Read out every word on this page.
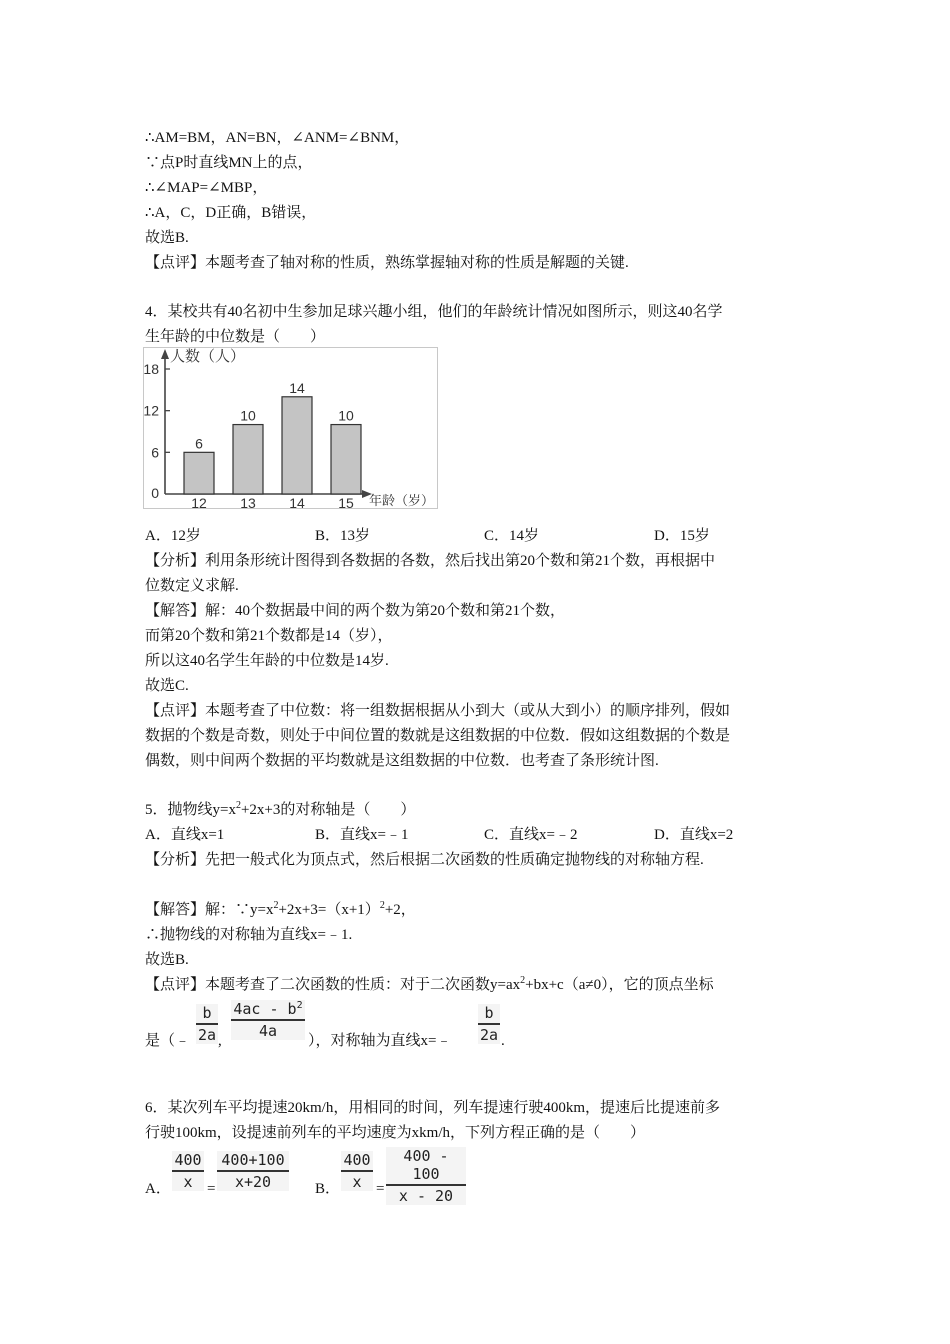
∴AM=BM，AN=BN，∠ANM=∠BNM，
∵点P时直线MN上的点，
∴∠MAP=∠MBP，
∴A，C，D正确，B错误，
故选B.
【点评】本题考查了轴对称的性质，熟练掌握轴对称的性质是解题的关键.
4．某校共有40名初中生参加足球兴趣小组，他们的年龄统计情况如图所示，则这40名学
生年龄的中位数是（　　）
人数（人）
年龄（岁）
0
6
12
18
6
12
10
13
14
14
10
15
A．12岁	B．13岁	C．14岁	D．15岁
【分析】利用条形统计图得到各数据的各数，然后找出第20个数和第21个数，再根据中
位数定义求解.
【解答】解：40个数据最中间的两个数为第20个数和第21个数，
而第20个数和第21个数都是14（岁），
所以这40名学生年龄的中位数是14岁.
故选C.
【点评】本题考查了中位数：将一组数据根据从小到大（或从大到小）的顺序排列，假如
数据的个数是奇数，则处于中间位置的数就是这组数据的中位数．假如这组数据的个数是
偶数，则中间两个数据的平均数就是这组数据的中位数．也考查了条形统计图.
5．抛物线$y=x^2+2x+3$的对称轴是（　　）
A．直线x=1	B．直线x=﹣1	C．直线x=﹣2	D．直线x=2
【分析】先把一般式化为顶点式，然后根据二次函数的性质确定抛物线的对称轴方程.
【解答】解：$\because y=x^2+2x+3=(x+1)^2+2$，
∴抛物线的对称轴为直线x=﹣1.
故选B.
【点评】本题考查了二次函数的性质：对于二次函数$y=ax^2+bx+c(a\ne 0)$，它的顶点坐标
是（﹣
b
2a ,
$4ac - b^2$
4a
），对称轴为直线x=﹣
b
2a .
6．某次列车平均提速20km/h，用相同的时间，列车提速行驶400km，提速后比提速前多
行驶100km，设提速前列车的平均速度为xkm/h，下列方程正确的是（　　）
A．
400
x =
400+100
x+20	B．
400
x =
400 - 100
x - 20
